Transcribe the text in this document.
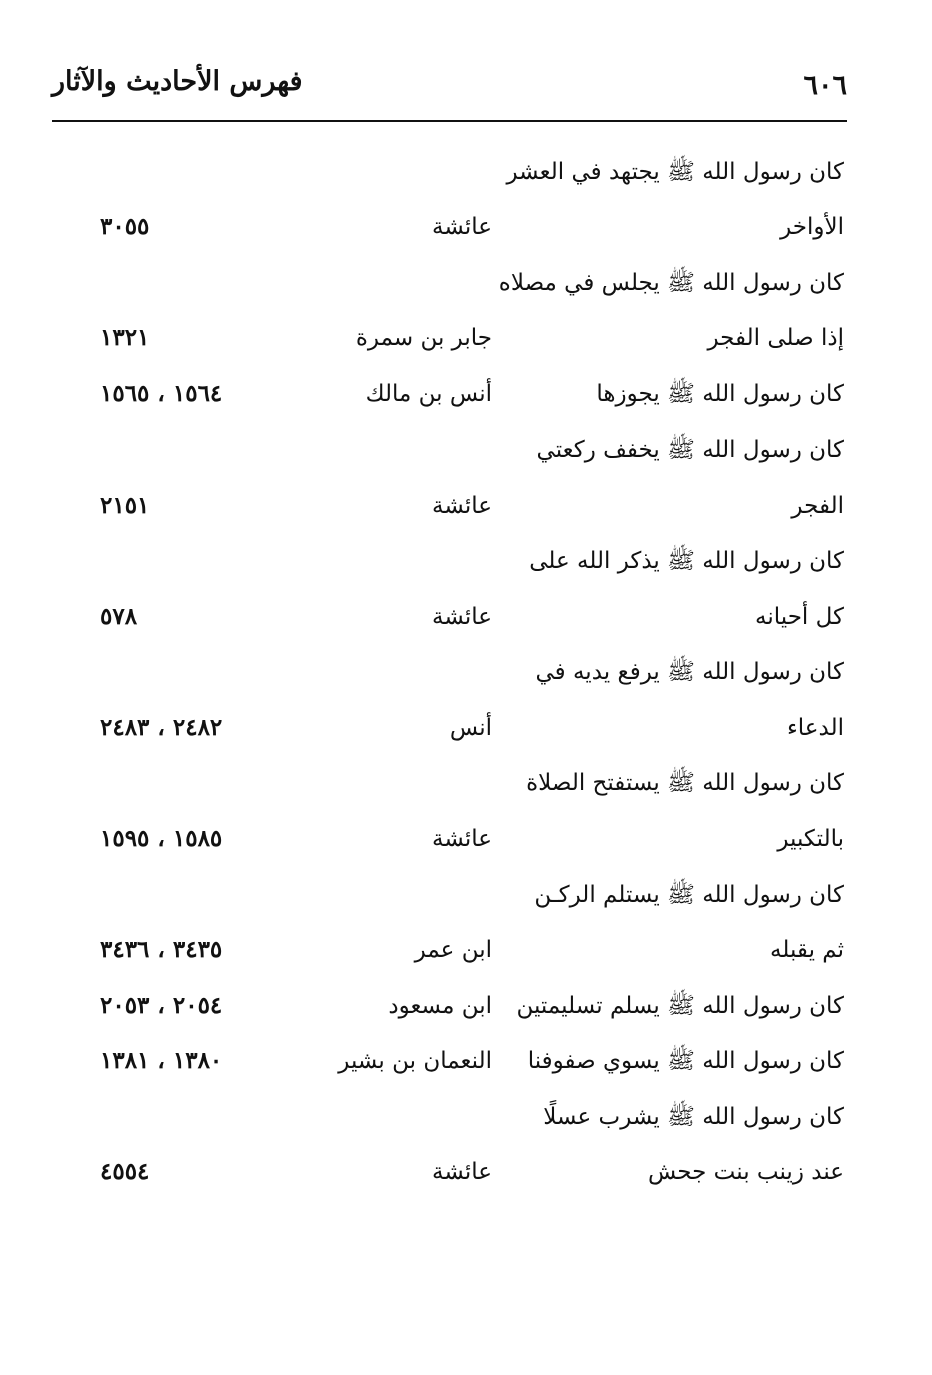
٦٠٦
فهرس الأحاديث والآثار
كان رسول الله ﷺ يجتهد في العشر
الأواخر
عائشة
٣٠٥٥
كان رسول الله ﷺ يجلس في مصلاه
إذا صلى الفجر
جابر بن سمرة
١٣٢١
كان رسول الله ﷺ يجوزها
أنس بن مالك
١٥٦٤ ، ١٥٦٥
كان رسول الله ﷺ يخفف ركعتي
الفجر
عائشة
٢١٥١
كان رسول الله ﷺ يذكر الله على
كل أحيانه
عائشة
٥٧٨
كان رسول الله ﷺ يرفع يديه في
الدعاء
أنس
٢٤٨٢ ، ٢٤٨٣
كان رسول الله ﷺ يستفتح الصلاة
بالتكبير
عائشة
١٥٨٥ ، ١٥٩٥
كان رسول الله ﷺ يستلم الركـن
ثم يقبله
ابن عمر
٣٤٣٥ ، ٣٤٣٦
كان رسول الله ﷺ يسلم تسليمتين
ابن مسعود
٢٠٥٤ ، ٢٠٥٣
كان رسول الله ﷺ يسوي صفوفنا
النعمان بن بشير
١٣٨٠ ، ١٣٨١
كان رسول الله ﷺ يشرب عسلًا
عند زينب بنت جحش
عائشة
٤٥٥٤
